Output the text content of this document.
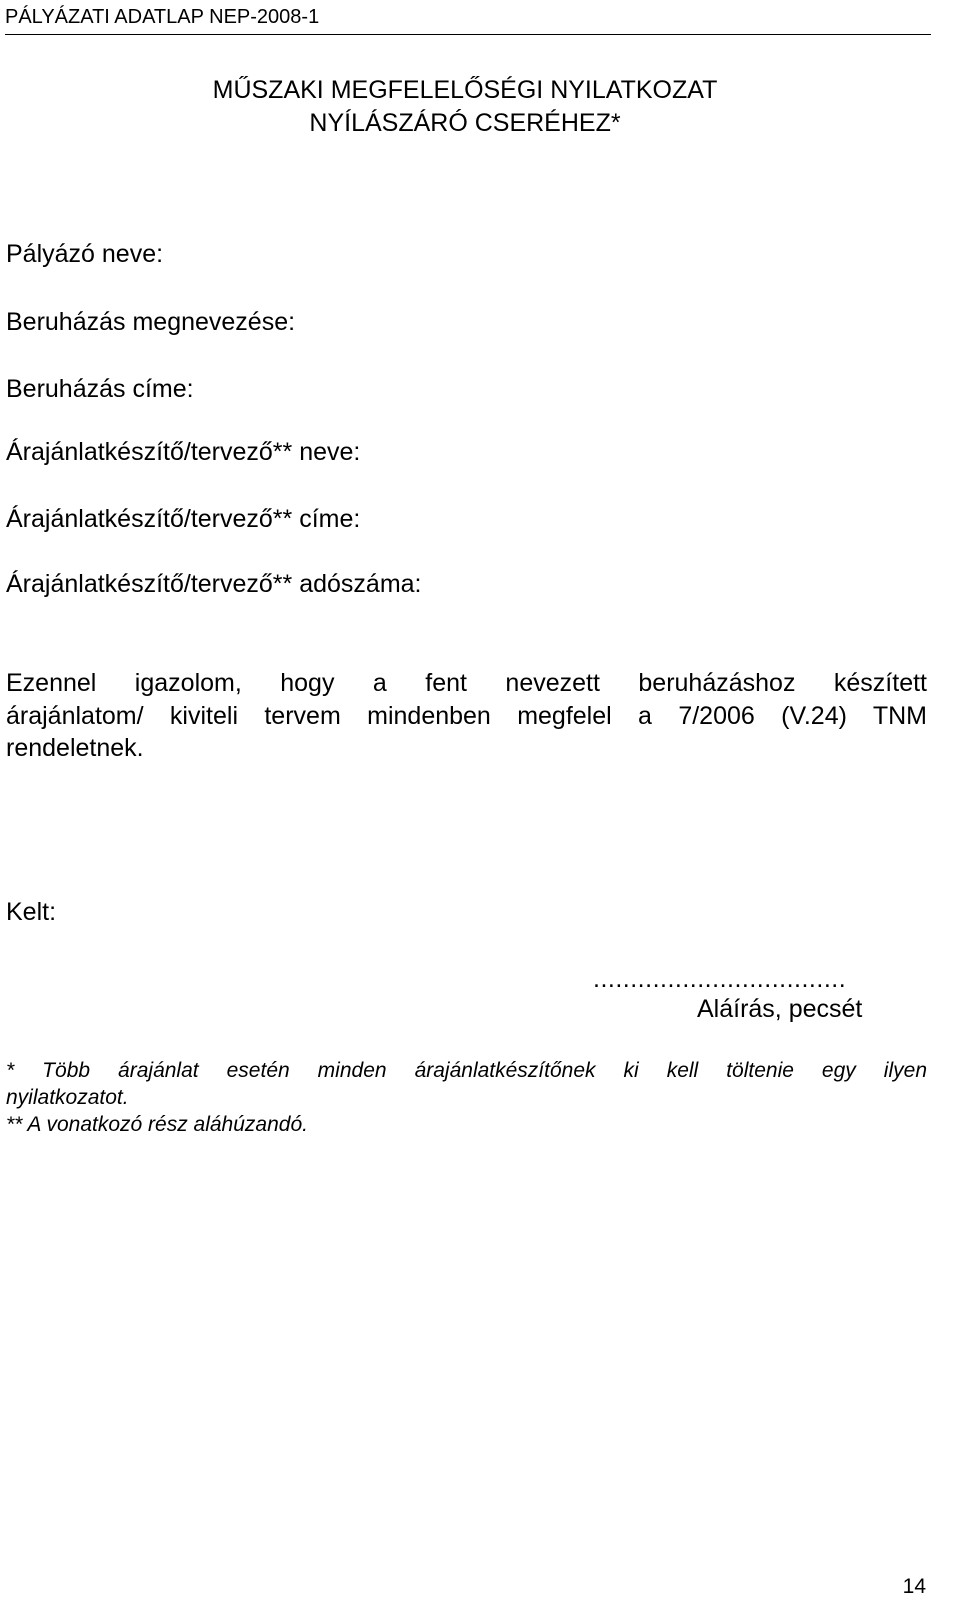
PÁLYÁZATI ADATLAP NEP-2008-1
MŰSZAKI MEGFELELŐSÉGI NYILATKOZAT
NYÍLÁSZÁRÓ CSERÉHEZ*
Pályázó neve:
Beruházás megnevezése:
Beruházás címe:
Árajánlatkészítő/tervező** neve:
Árajánlatkészítő/tervező** címe:
Árajánlatkészítő/tervező** adószáma:
Ezennel igazolom, hogy a fent nevezett beruházáshoz készített
árajánlatom/ kiviteli tervem mindenben megfelel a 7/2006 (V.24) TNM
rendeletnek.
Kelt:
..................................
Aláírás, pecsét
* Több árajánlat esetén minden árajánlatkészítőnek ki kell töltenie egy ilyen
nyilatkozatot.
** A vonatkozó rész aláhúzandó.
14
